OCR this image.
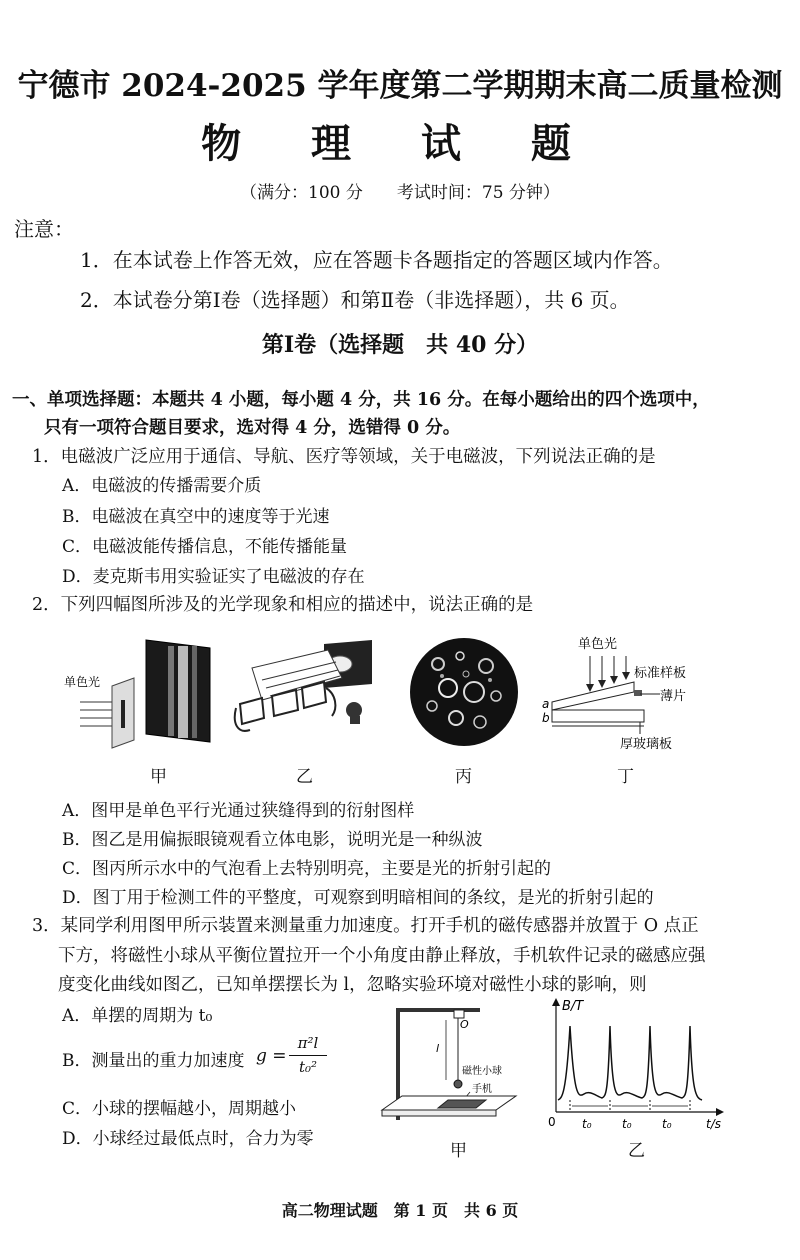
宁德市 2024-2025 学年度第二学期期末高二质量检测
物 理 试 题
（满分：100 分　　考试时间：75 分钟）
注意：
1．在本试卷上作答无效，应在答题卡各题指定的答题区域内作答。
2．本试卷分第Ⅰ卷（选择题）和第Ⅱ卷（非选择题），共 6 页。
第Ⅰ卷（选择题　共 40 分）
一、单项选择题：本题共 4 小题，每小题 4 分，共 16 分。在每小题给出的四个选项中，
只有一项符合题目要求，选对得 4 分，选错得 0 分。
1．电磁波广泛应用于通信、导航、医疗等领域，关于电磁波，下列说法正确的是
A．电磁波的传播需要介质
B．电磁波在真空中的速度等于光速
C．电磁波能传播信息，不能传播能量
D．麦克斯韦用实验证实了电磁波的存在
2．下列四幅图所涉及的光学现象和相应的描述中，说法正确的是
单色光
单色光
标准样板
薄片
a
b
厚玻璃板
甲	乙	丙	丁
A．图甲是单色平行光通过狭缝得到的衍射图样
B．图乙是用偏振眼镜观看立体电影，说明光是一种纵波
C．图丙所示水中的气泡看上去特别明亮，主要是光的折射引起的
D．图丁用于检测工件的平整度，可观察到明暗相间的条纹，是光的折射引起的
3．某同学利用图甲所示装置来测量重力加速度。打开手机的磁传感器并放置于 O 点正
下方，将磁性小球从平衡位置拉开一个小角度由静止释放，手机软件记录的磁感应强
度变化曲线如图乙，已知单摆摆长为 l，忽略实验环境对磁性小球的影响，则
A．单摆的周期为 t₀
B．测量出的重力加速度 g =
π²l
t₀²
C．小球的摆幅越小，周期越小
D．小球经过最低点时，合力为零
O
l
磁性小球
手机
甲
B/T
t/s
0 t₀	t₀	t₀
乙
高二物理试题　第 1 页　共 6 页
